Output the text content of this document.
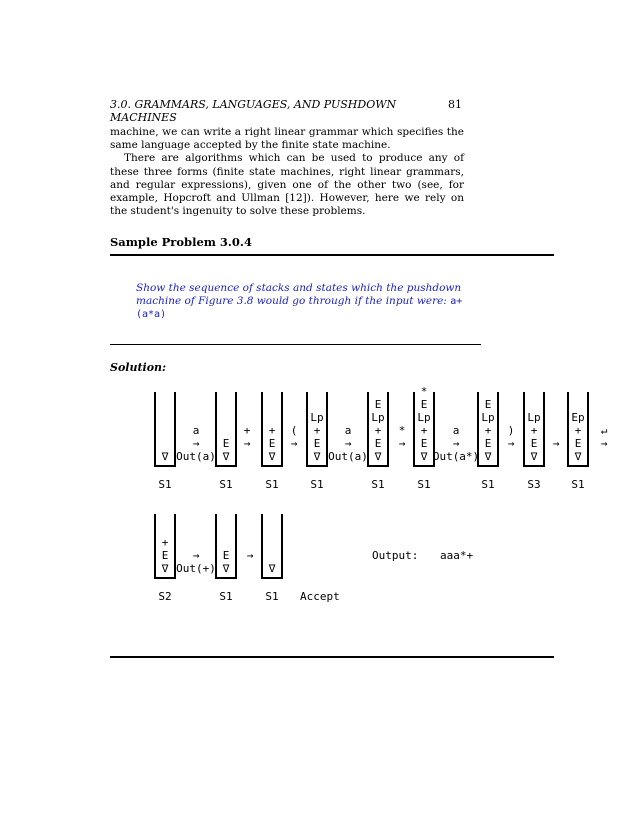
3.0. GRAMMARS, LANGUAGES, AND PUSHDOWN MACHINES
81

machine, we can write a right linear grammar which specifies the same language accepted by the finite state machine.

There are algorithms which can be used to produce any of these three forms (finite state machines, right linear grammars, and regular expressions), given one of the other two (see, for example, Hopcroft and Ullman [12]). However, here we rely on the student's ingenuity to solve these problems.

Sample Problem 3.0.4
Show the sequence of stacks and states which the pushdown machine of Figure 3.8 would go through if the input were: a+(a*a)
Solution:
∇
S1
E
∇
S1
+
E
∇
S1
Lp
+
E
∇
S1
E
Lp
+
E
∇
S1
*
E
Lp
+
E
∇
S1
E
Lp
+
E
∇
S1
Lp
+
E
∇
S3
Ep
+
E
∇
S1
a
→
Out(a)
+
→
(
→
a
→
Out(a)
*
→
a
→
Out(a*)
)
→	→
↵
→
+
E
∇
S2
E
∇
S1
∇
S1
→
Out(+)
→
Accept
Output: aaa*+
